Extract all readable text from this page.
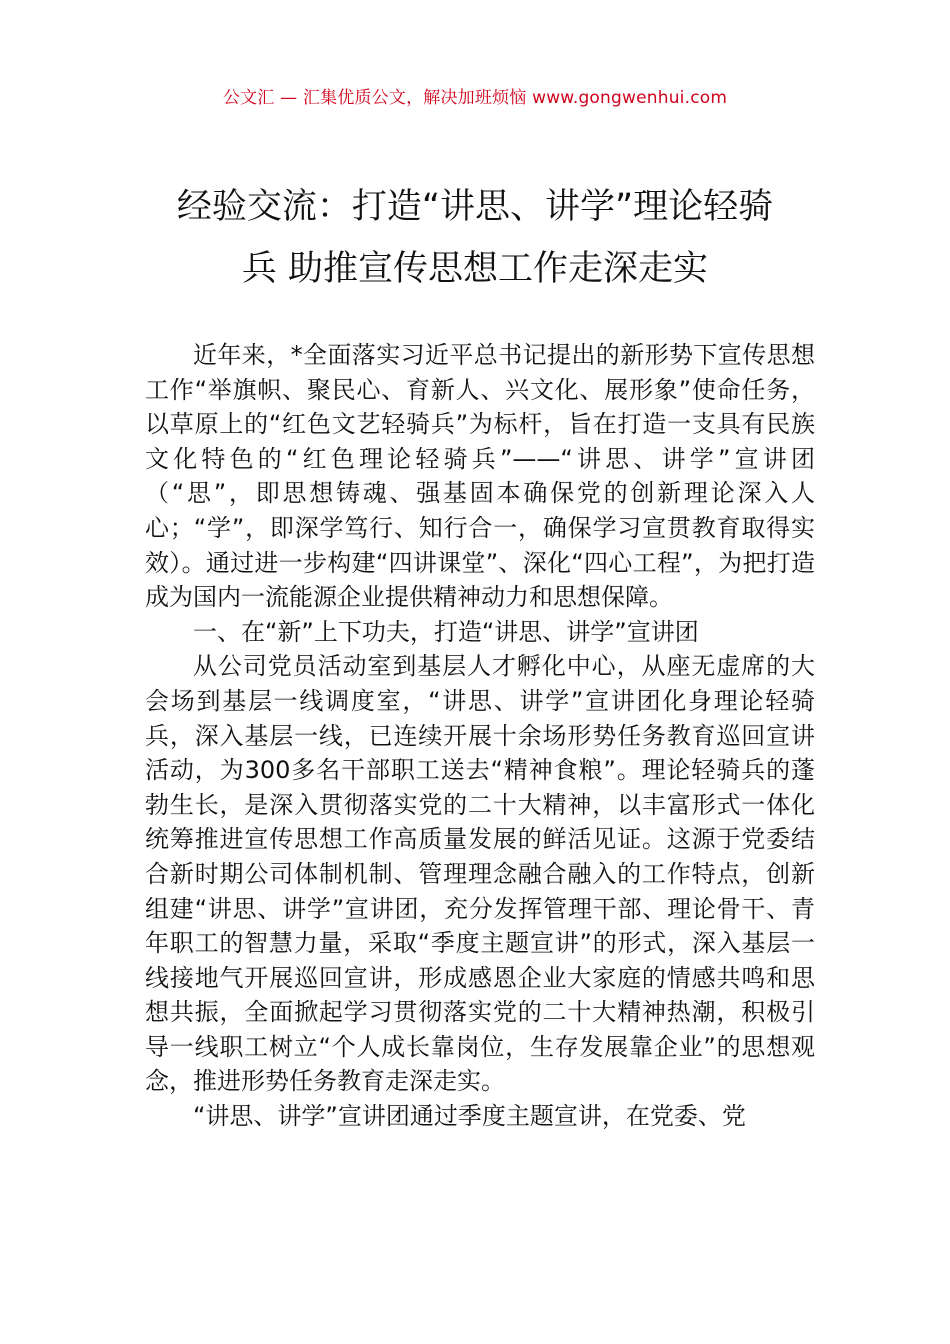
公文汇 — 汇集优质公文，解决加班烦恼 www.gongwenhui.com
经验交流：打造“讲思、讲学”理论轻骑
兵 助推宣传思想工作走深走实

近年来，*全面落实习近平总书记提出的新形势下宣传思想工作“举旗帜、聚民心、育新人、兴文化、展形象”使命任务，以草原上的“红色文艺轻骑兵”为标杆，旨在打造一支具有民族文化特色的“红色理论轻骑兵”——“讲思、讲学”宣讲团（“思”，即思想铸魂、强基固本确保党的创新理论深入人心；“学”，即深学笃行、知行合一，确保学习宣贯教育取得实效）。通过进一步构建“四讲课堂”、深化“四心工程”，为把打造成为国内一流能源企业提供精神动力和思想保障。

一、在“新”上下功夫，打造“讲思、讲学”宣讲团

从公司党员活动室到基层人才孵化中心，从座无虚席的大会场到基层一线调度室，“讲思、讲学”宣讲团化身理论轻骑兵，深入基层一线，已连续开展十余场形势任务教育巡回宣讲活动，为300多名干部职工送去“精神食粮”。理论轻骑兵的蓬勃生长，是深入贯彻落实党的二十大精神，以丰富形式一体化统筹推进宣传思想工作高质量发展的鲜活见证。这源于党委结合新时期公司体制机制、管理理念融合融入的工作特点，创新组建“讲思、讲学”宣讲团，充分发挥管理干部、理论骨干、青年职工的智慧力量，采取“季度主题宣讲”的形式，深入基层一线接地气开展巡回宣讲，形成感恩企业大家庭的情感共鸣和思想共振，全面掀起学习贯彻落实党的二十大精神热潮，积极引导一线职工树立“个人成长靠岗位，生存发展靠企业”的思想观念，推进形势任务教育走深走实。

“讲思、讲学”宣讲团通过季度主题宣讲，在党委、党
